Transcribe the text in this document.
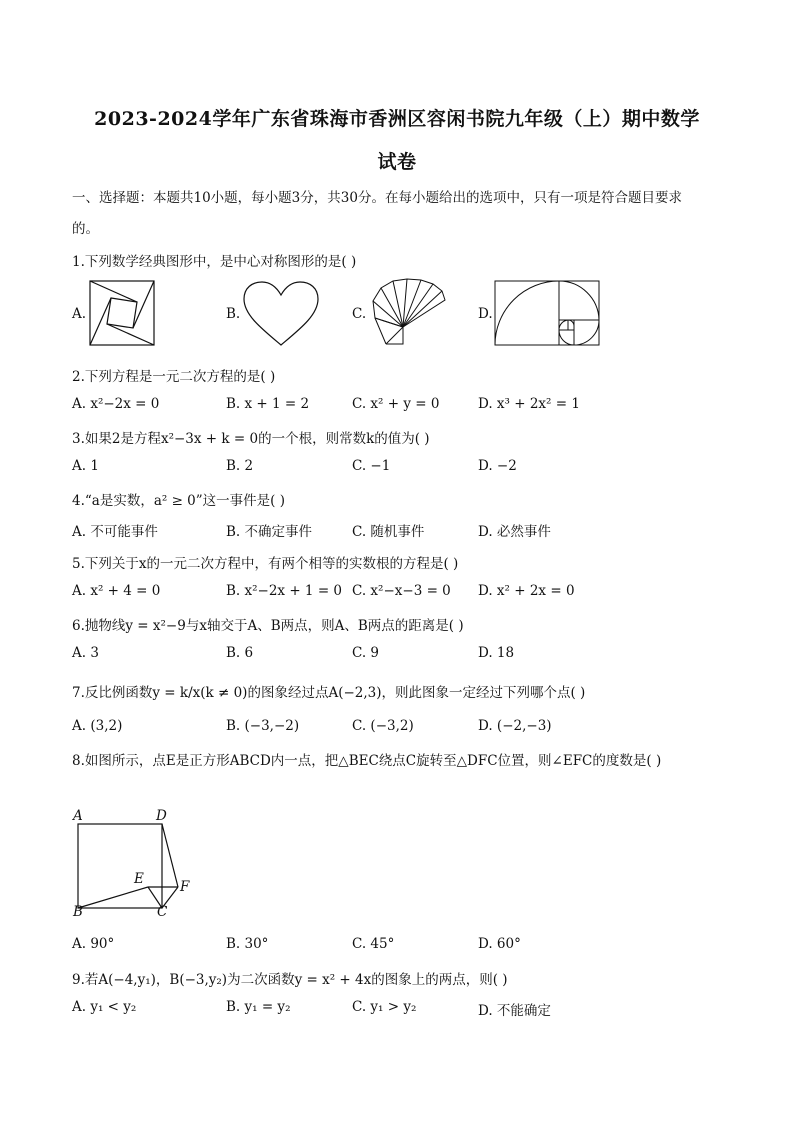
2023-2024学年广东省珠海市香洲区容闲书院九年级（上）期中数学
试卷
一、选择题：本题共10小题，每小题3分，共30分。在每小题给出的选项中，只有一项是符合题目要求
的。
1.下列数学经典图形中，是中心对称图形的是( )
A.	B.	C.	D.
2.下列方程是一元二次方程的是( )
A. x²−2x = 0	B. x + 1 = 2	C. x² + y = 0	D. x³ + 2x² = 1
3.如果2是方程x²−3x + k = 0的一个根，则常数k的值为( )
A. 1	B. 2	C. −1	D. −2
4.“a是实数，a² ≥ 0”这一事件是( )
A. 不可能事件	B. 不确定事件	C. 随机事件	D. 必然事件
5.下列关于x的一元二次方程中，有两个相等的实数根的方程是( )
A. x² + 4 = 0	B. x²−2x + 1 = 0 C. x²−x−3 = 0 D. x² + 2x = 0
6.抛物线y = x²−9与x轴交于A、B两点，则A、B两点的距离是( )
A. 3	B. 6	C. 9	D. 18
7.反比例函数y = k/x(k ≠ 0)的图象经过点A(−2,3)，则此图象一定经过下列哪个点( )
A. (3,2)	B. (−3,−2)	C. (−3,2)	D. (−2,−3)
8.如图所示，点E是正方形ABCD内一点，把△BEC绕点C旋转至△DFC位置，则∠EFC的度数是( )
A	D
E	F
B	C
A. 90°	B. 30°	C. 45°	D. 60°
9.若A(−4,y₁)，B(−3,y₂)为二次函数y = x² + 4x的图象上的两点，则( )
A. y₁ < y₂	B. y₁ = y₂	C. y₁ > y₂	D. 不能确定
